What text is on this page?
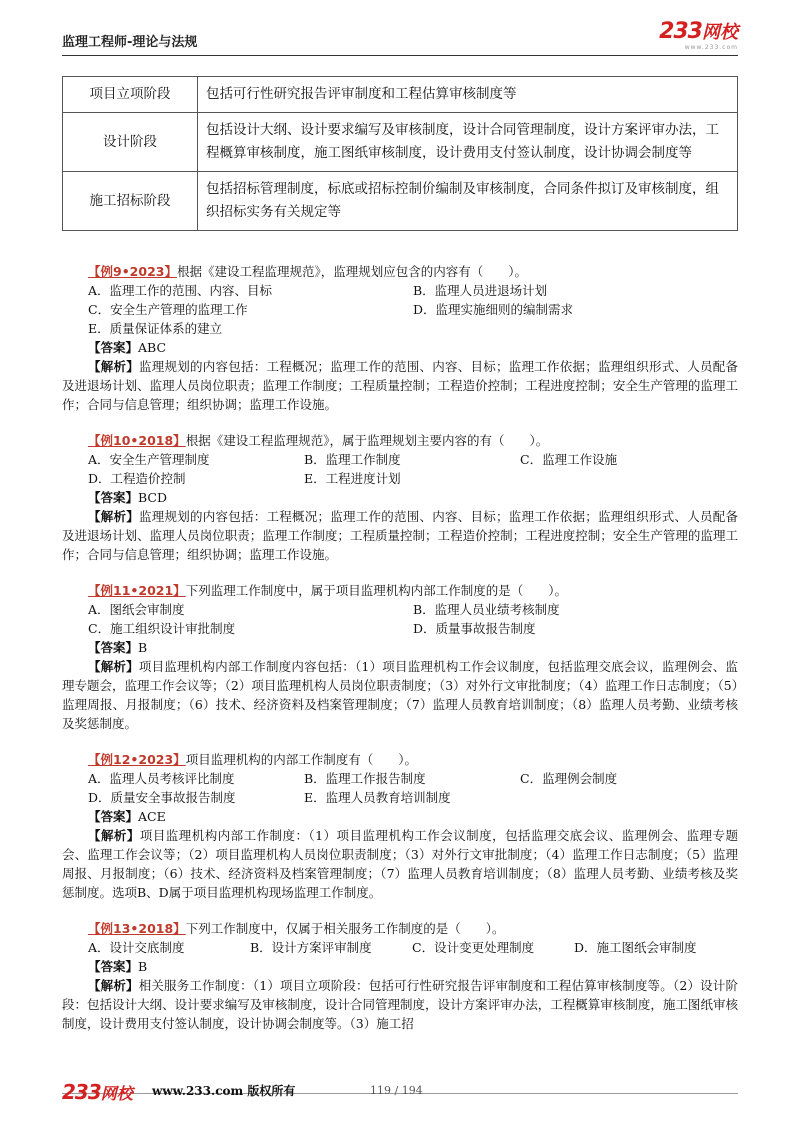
监理工程师-理论与法规	233网校
www.233.com
项目立项阶段	包括可行性研究报告评审制度和工程估算审核制度等
设计阶段	包括设计大纲、设计要求编写及审核制度，设计合同管理制度，设计方案评审办法，工程概算审核制度，施工图纸审核制度，设计费用支付签认制度，设计协调会制度等
施工招标阶段	包括招标管理制度，标底或招标控制价编制及审核制度，合同条件拟订及审核制度，组织招标实务有关规定等
【例9•2023】根据《建设工程监理规范》，监理规划应包含的内容有（　　）。
A．监理工作的范围、内容、目标	B．监理人员进退场计划
C．安全生产管理的监理工作	D．监理实施细则的编制需求
E．质量保证体系的建立
【答案】ABC
【解析】监理规划的内容包括：工程概况；监理工作的范围、内容、目标；监理工作依据；监理组织形式、人员配备及进退场计划、监理人员岗位职责；监理工作制度；工程质量控制；工程造价控制；工程进度控制；安全生产管理的监理工作；合同与信息管理；组织协调；监理工作设施。
【例10•2018】根据《建设工程监理规范》，属于监理规划主要内容的有（　　）。
A．安全生产管理制度	B．监理工作制度	C．监理工作设施
D．工程造价控制	E．工程进度计划
【答案】BCD
【解析】监理规划的内容包括：工程概况；监理工作的范围、内容、目标；监理工作依据；监理组织形式、人员配备及进退场计划、监理人员岗位职责；监理工作制度；工程质量控制；工程造价控制；工程进度控制；安全生产管理的监理工作；合同与信息管理；组织协调；监理工作设施。
【例11•2021】下列监理工作制度中，属于项目监理机构内部工作制度的是（　　）。
A．图纸会审制度	B．监理人员业绩考核制度
C．施工组织设计审批制度	D．质量事故报告制度
【答案】B
【解析】项目监理机构内部工作制度内容包括：（1）项目监理机构工作会议制度，包括监理交底会议，监理例会、监理专题会，监理工作会议等；（2）项目监理机构人员岗位职责制度；（3）对外行文审批制度；（4）监理工作日志制度；（5）监理周报、月报制度；（6）技术、经济资料及档案管理制度；（7）监理人员教育培训制度；（8）监理人员考勤、业绩考核及奖惩制度。
【例12•2023】项目监理机构的内部工作制度有（　　）。
A．监理人员考核评比制度	B．监理工作报告制度	C．监理例会制度
D．质量安全事故报告制度	E．监理人员教育培训制度
【答案】ACE
【解析】项目监理机构内部工作制度：（1）项目监理机构工作会议制度，包括监理交底会议、监理例会、监理专题会、监理工作会议等；（2）项目监理机构人员岗位职责制度；（3）对外行文审批制度；（4）监理工作日志制度；（5）监理周报、月报制度；（6）技术、经济资料及档案管理制度；（7）监理人员教育培训制度；（8）监理人员考勤、业绩考核及奖惩制度。选项B、D属于项目监理机构现场监理工作制度。
【例13•2018】下列工作制度中，仅属于相关服务工作制度的是（　　）。
A．设计交底制度	B．设计方案评审制度	C．设计变更处理制度	D．施工图纸会审制度
【答案】B
【解析】相关服务工作制度：（1）项目立项阶段：包括可行性研究报告评审制度和工程估算审核制度等。（2）设计阶段：包括设计大纲、设计要求编写及审核制度，设计合同管理制度，设计方案评审办法，工程概算审核制度，施工图纸审核制度，设计费用支付签认制度，设计协调会制度等。（3）施工招
233网校 www.233.com 版权所有	119 / 194
